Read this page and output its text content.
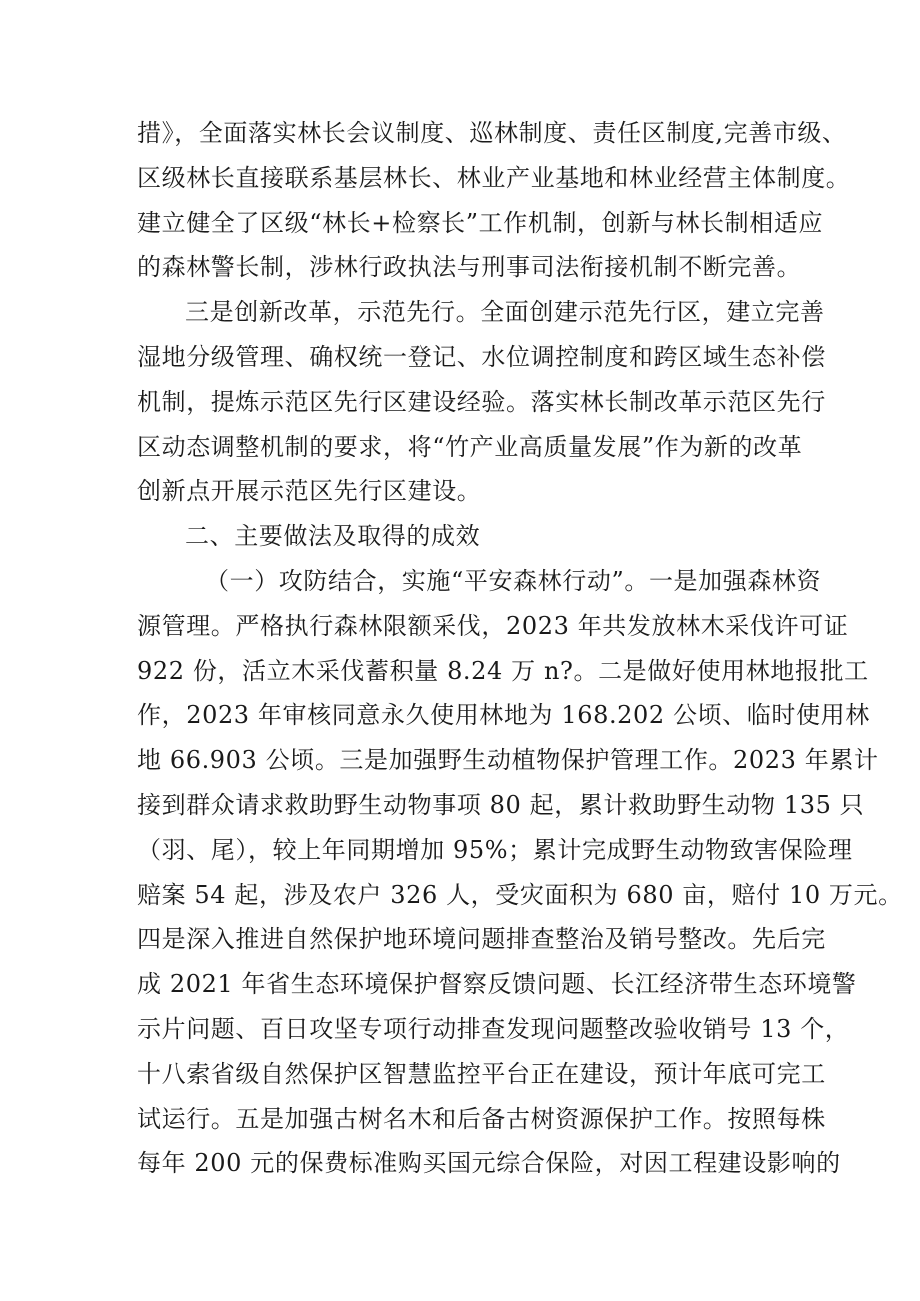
措》，全面落实林长会议制度、巡林制度、责任区制度,完善市级、
区级林长直接联系基层林长、林业产业基地和林业经营主体制度。
建立健全了区级“林长+检察长”工作机制，创新与林长制相适应
的森林警长制，涉林行政执法与刑事司法衔接机制不断完善。
三是创新改革，示范先行。全面创建示范先行区，建立完善
湿地分级管理、确权统一登记、水位调控制度和跨区域生态补偿
机制，提炼示范区先行区建设经验。落实林长制改革示范区先行
区动态调整机制的要求，将“竹产业高质量发展”作为新的改革
创新点开展示范区先行区建设。
二、主要做法及取得的成效
（一）攻防结合，实施“平安森林行动”。一是加强森林资
源管理。严格执行森林限额采伐，2023 年共发放林木采伐许可证
922 份，活立木采伐蓄积量 8.24 万 n?。二是做好使用林地报批工
作，2023 年审核同意永久使用林地为 168.202 公顷、临时使用林
地 66.903 公顷。三是加强野生动植物保护管理工作。2023 年累计
接到群众请求救助野生动物事项 80 起，累计救助野生动物 135 只
（羽、尾），较上年同期增加 95%；累计完成野生动物致害保险理
赔案 54 起，涉及农户 326 人，受灾面积为 680 亩，赔付 10 万元。
四是深入推进自然保护地环境问题排查整治及销号整改。先后完
成 2021 年省生态环境保护督察反馈问题、长江经济带生态环境警
示片问题、百日攻坚专项行动排查发现问题整改验收销号 13 个，
十八索省级自然保护区智慧监控平台正在建设，预计年底可完工
试运行。五是加强古树名木和后备古树资源保护工作。按照每株
每年 200 元的保费标准购买国元综合保险，对因工程建设影响的
